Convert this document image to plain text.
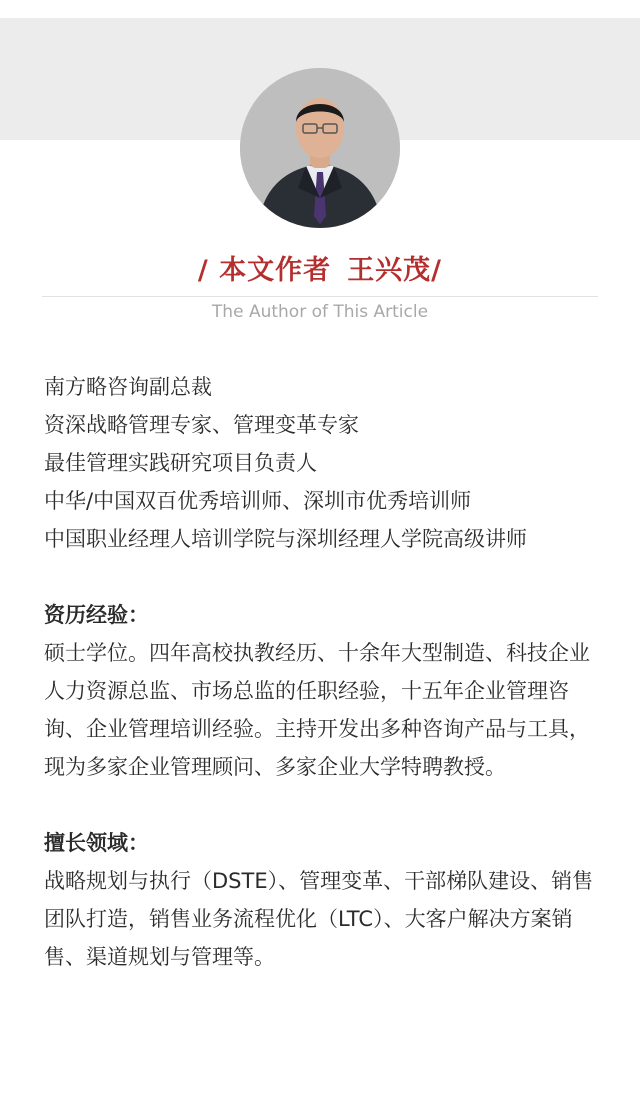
/ 本文作者 王兴茂/
The Author of This Article

南方略咨询副总裁

资深战略管理专家、管理变革专家

最佳管理实践研究项目负责人

中华/中国双百优秀培训师、深圳市优秀培训师

中国职业经理人培训学院与深圳经理人学院高级讲师

资历经验：

硕士学位。四年高校执教经历、十余年大型制造、科技企业人力资源总监、市场总监的任职经验，十五年企业管理咨询、企业管理培训经验。主持开发出多种咨询产品与工具，现为多家企业管理顾问、多家企业大学特聘教授。

擅长领域：

战略规划与执行（DSTE）、管理变革、干部梯队建设、销售团队打造，销售业务流程优化（LTC）、大客户解决方案销售、渠道规划与管理等。
